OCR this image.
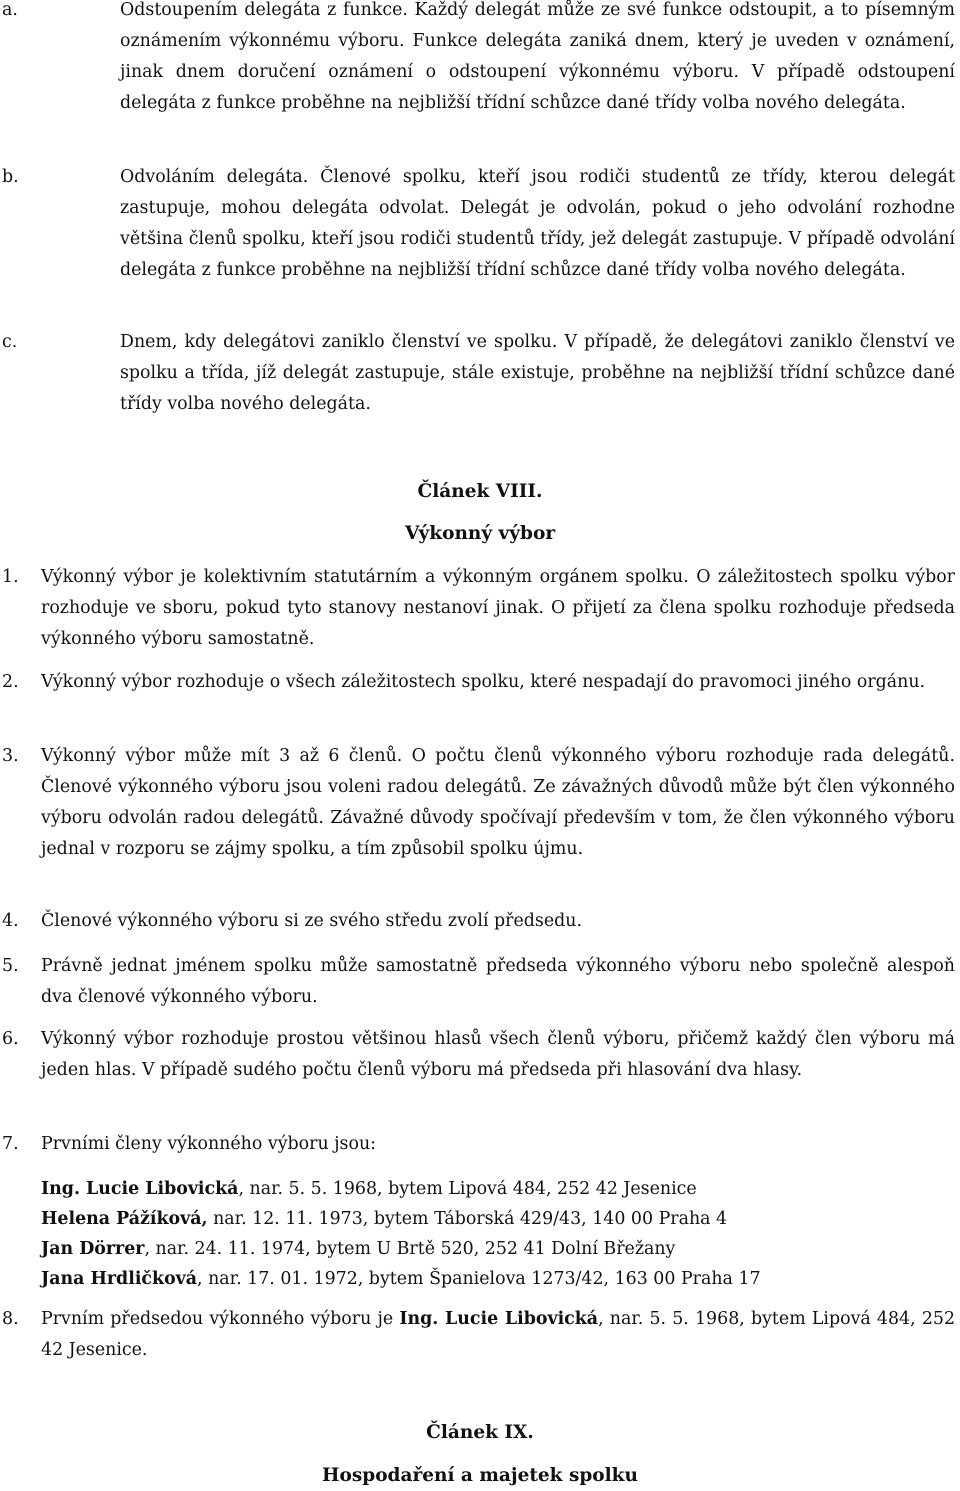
a.	Odstoupením delegáta z funkce. Každý delegát může ze své funkce odstoupit, a to písemným oznámením výkonnému výboru. Funkce delegáta zaniká dnem, který je uveden v oznámení, jinak dnem doručení oznámení o odstoupení výkonnému výboru. V případě odstoupení delegáta z funkce proběhne na nejbližší třídní schůzce dané třídy volba nového delegáta.
b.	Odvoláním delegáta. Členové spolku, kteří jsou rodiči studentů ze třídy, kterou delegát zastupuje, mohou delegáta odvolat. Delegát je odvolán, pokud o jeho odvolání rozhodne většina členů spolku, kteří jsou rodiči studentů třídy, jež delegát zastupuje. V případě odvolání delegáta z funkce proběhne na nejbližší třídní schůzce dané třídy volba nového delegáta.
c.	Dnem, kdy delegátovi zaniklo členství ve spolku. V případě, že delegátovi zaniklo členství ve spolku a třída, jíž delegát zastupuje, stále existuje, proběhne na nejbližší třídní schůzce dané třídy volba nového delegáta.
Článek VIII.
Výkonný výbor
1. Výkonný výbor je kolektivním statutárním a výkonným orgánem spolku. O záležitostech spolku výbor rozhoduje ve sboru, pokud tyto stanovy nestanoví jinak. O přijetí za člena spolku rozhoduje předseda výkonného výboru samostatně.
2. Výkonný výbor rozhoduje o všech záležitostech spolku, které nespadají do pravomoci jiného orgánu.
3. Výkonný výbor může mít 3 až 6 členů. O počtu členů výkonného výboru rozhoduje rada delegátů. Členové výkonného výboru jsou voleni radou delegátů. Ze závažných důvodů může být člen výkonného výboru odvolán radou delegátů. Závažné důvody spočívají především v tom, že člen výkonného výboru jednal v rozporu se zájmy spolku, a tím způsobil spolku újmu.
4. Členové výkonného výboru si ze svého středu zvolí předsedu.
5. Právně jednat jménem spolku může samostatně předseda výkonného výboru nebo společně alespoň dva členové výkonného výboru.
6. Výkonný výbor rozhoduje prostou většinou hlasů všech členů výboru, přičemž každý člen výboru má jeden hlas. V případě sudého počtu členů výboru má předseda při hlasování dva hlasy.
7. Prvními členy výkonného výboru jsou:
Ing. Lucie Libovická, nar. 5. 5. 1968, bytem Lipová 484, 252 42 Jesenice
Helena Pážíková, nar. 12. 11. 1973, bytem Táborská 429/43, 140 00 Praha 4
Jan Dörrer, nar. 24. 11. 1974, bytem U Brtě 520, 252 41 Dolní Břežany
Jana Hrdličková, nar. 17. 01. 1972, bytem Španielova 1273/42, 163 00 Praha 17
8. Prvním předsedou výkonného výboru je Ing. Lucie Libovická, nar. 5. 5. 1968, bytem Lipová 484, 252 42 Jesenice.
Článek IX.
Hospodaření a majetek spolku
